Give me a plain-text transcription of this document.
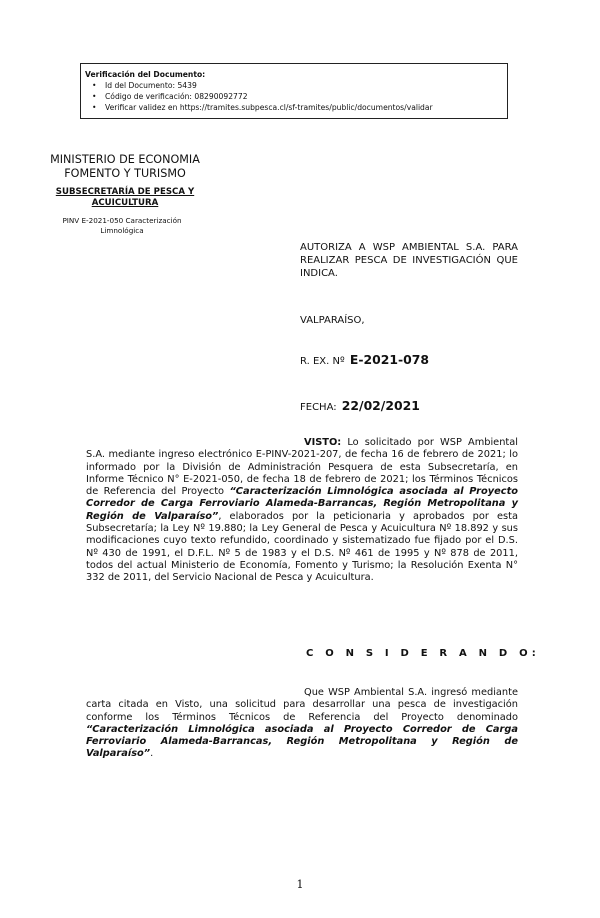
Verificación del Documento:
• Id del Documento: 5439
• Código de verificación: 08290092772
• Verificar validez en https://tramites.subpesca.cl/sf-tramites/public/documentos/validar
MINISTERIO DE ECONOMIA
FOMENTO Y TURISMO
SUBSECRETARÍA DE PESCA Y
ACUICULTURA
PINV E-2021-050 Caracterización
Limnológica
AUTORIZA A WSP AMBIENTAL S.A. PARA REALIZAR PESCA DE INVESTIGACIÓN QUE INDICA.
VALPARAÍSO,
R. EX. Nº E-2021-078
FECHA: 22/02/2021
VISTO: Lo solicitado por WSP Ambiental S.A. mediante ingreso electrónico E-PINV-2021-207, de fecha 16 de febrero de 2021; lo informado por la División de Administración Pesquera de esta Subsecretaría, en Informe Técnico N° E-2021-050, de fecha 18 de febrero de 2021; los Términos Técnicos de Referencia del Proyecto “Caracterización Limnológica asociada al Proyecto Corredor de Carga Ferroviario Alameda-Barrancas, Región Metropolitana y Región de Valparaíso”, elaborados por la peticionaria y aprobados por esta Subsecretaría; la Ley Nº 19.880; la Ley General de Pesca y Acuicultura Nº 18.892 y sus modificaciones cuyo texto refundido, coordinado y sistematizado fue fijado por el D.S. Nº 430 de 1991, el D.F.L. Nº 5 de 1983 y el D.S. Nº 461 de 1995 y Nº 878 de 2011, todos del actual Ministerio de Economía, Fomento y Turismo; la Resolución Exenta N° 332 de 2011, del Servicio Nacional de Pesca y Acuicultura.
C O N S I D E R A N D O:
Que WSP Ambiental S.A. ingresó mediante carta citada en Visto, una solicitud para desarrollar una pesca de investigación conforme los Términos Técnicos de Referencia del Proyecto denominado “Caracterización Limnológica asociada al Proyecto Corredor de Carga Ferroviario Alameda-Barrancas, Región Metropolitana y Región de Valparaíso”.
1
